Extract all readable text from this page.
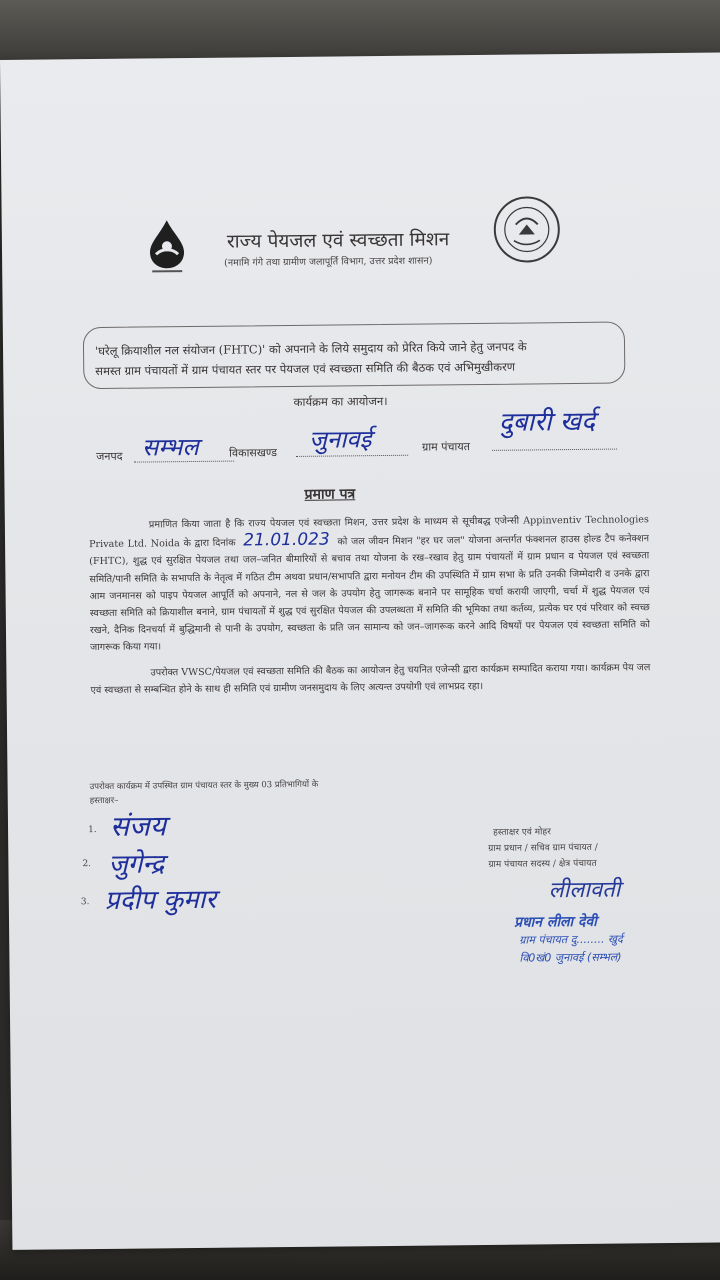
राज्य पेयजल एवं स्वच्छता मिशन
(नमामि गंगे तथा ग्रामीण जलापूर्ति विभाग, उत्तर प्रदेश शासन)
'घरेलू क्रियाशील नल संयोजन (FHTC)' को अपनाने के लिये समुदाय को प्रेरित किये जाने हेतु जनपद के
समस्त ग्राम पंचायतों में ग्राम पंचायत स्तर पर पेयजल एवं स्वच्छता समिति की बैठक एवं अभिमुखीकरण
कार्यक्रम का आयोजन।
जनपद सम्भल	विकासखण्ड जुनावई	ग्राम पंचायत
दुबारी खर्द
प्रमाण पत्र
प्रमाणित किया जाता है कि राज्य पेयजल एवं स्वच्छता मिशन, उत्तर प्रदेश के माध्यम से सूचीबद्ध एजेन्सी Appinventiv Technologies Private Ltd. Noida के द्वारा दिनांक 21.01.023 को जल जीवन मिशन "हर घर जल" योजना अन्तर्गत फंक्शनल हाउस होल्ड टैप कनेक्शन (FHTC), शुद्ध एवं सुरक्षित पेयजल तथा जल–जनित बीमारियों से बचाव तथा योजना के रख–रखाव हेतु ग्राम पंचायतों में ग्राम प्रधान व पेयजल एवं स्वच्छता समिति/पानी समिति के सभापति के नेतृत्व में गठित टीम अथवा प्रधान/सभापति द्वारा मनोयन टीम की उपस्थिति में ग्राम सभा के प्रति उनकी जिम्मेदारी व उनके द्वारा आम जनमानस को पाइप पेयजल आपूर्ति को अपनाने, नल से जल के उपयोग हेतु जागरूक बनाने पर सामूहिक चर्चा करायी जाएगी, चर्चा में शुद्ध पेयजल एवं स्वच्छता समिति को क्रियाशील बनाने, ग्राम पंचायतों में शुद्ध एवं सुरक्षित पेयजल की उपलब्धता में समिति की भूमिका तथा कर्तव्य, प्रत्येक घर एवं परिवार को स्वच्छ रखने, दैनिक दिनचर्या में बुद्धिमानी से पानी के उपयोग, स्वच्छता के प्रति जन सामान्य को जन–जागरूक करने आदि विषयों पर पेयजल एवं स्वच्छता समिति को जागरूक किया गया।
उपरोक्त VWSC/पेयजल एवं स्वच्छता समिति की बैठक का आयोजन हेतु चयनित एजेन्सी द्वारा कार्यक्रम सम्पादित कराया गया। कार्यक्रम पेय जल एवं स्वच्छता से सम्बन्धित होने के साथ ही समिति एवं ग्रामीण जनसमुदाय के लिए अत्यन्त उपयोगी एवं लाभप्रद रहा।
उपरोक्त कार्यक्रम में उपस्थित ग्राम पंचायत स्तर के मुख्य 03 प्रतिभागियों के
हस्ताक्षर–
1. संजय
2. जुगेन्द्र
3. प्रदीप कुमार
हस्ताक्षर एवं मोहर
ग्राम प्रधान / सचिव ग्राम पंचायत /
ग्राम पंचायत सदस्य / क्षेत्र पंचायत
लीलावती
प्रधान लीला देवी
ग्राम पंचायत दु........ खुर्द
वि0खं0 जुनावई (सम्भल)
